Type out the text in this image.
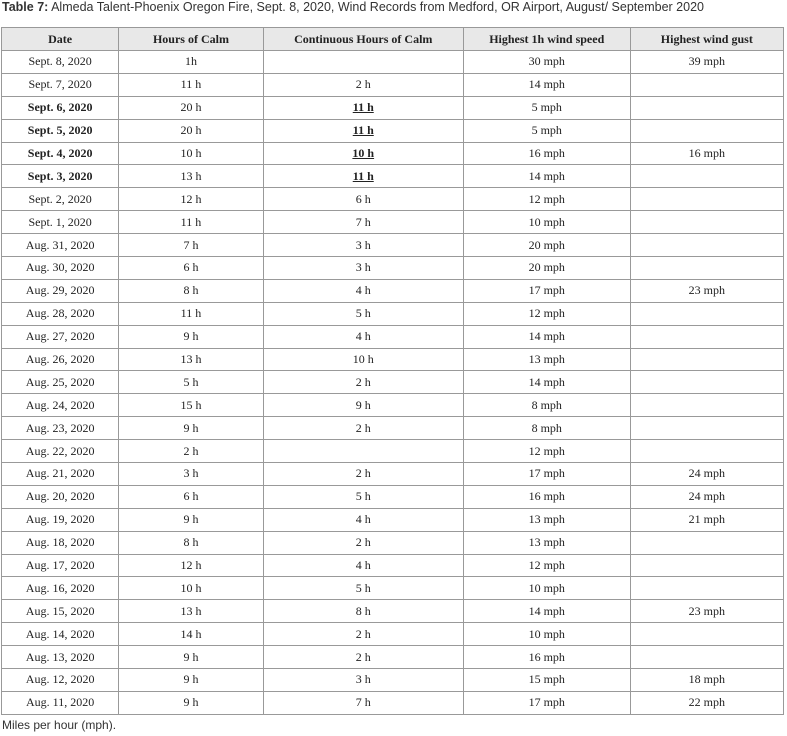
Table 7: Almeda Talent-Phoenix Oregon Fire, Sept. 8, 2020, Wind Records from Medford, OR Airport, August/ September 2020
Date	Hours of Calm	Continuous Hours of Calm	Highest 1h wind speed	Highest wind gust
Sept. 8, 2020	1h		30 mph	39 mph
Sept. 7, 2020	11 h	2 h	14 mph	
Sept. 6, 2020	20 h	11 h	5 mph	
Sept. 5, 2020	20 h	11 h	5 mph	
Sept. 4, 2020	10 h	10 h	16 mph	16 mph
Sept. 3, 2020	13 h	11 h	14 mph	
Sept. 2, 2020	12 h	6 h	12 mph	
Sept. 1, 2020	11 h	7 h	10 mph	
Aug. 31, 2020	7 h	3 h	20 mph	
Aug. 30, 2020	6 h	3 h	20 mph	
Aug. 29, 2020	8 h	4 h	17 mph	23 mph
Aug. 28, 2020	11 h	5 h	12 mph	
Aug. 27, 2020	9 h	4 h	14 mph	
Aug. 26, 2020	13 h	10 h	13 mph	
Aug. 25, 2020	5 h	2 h	14 mph	
Aug. 24, 2020	15 h	9 h	8 mph	
Aug. 23, 2020	9 h	2 h	8 mph	
Aug. 22, 2020	2 h		12 mph	
Aug. 21, 2020	3 h	2 h	17 mph	24 mph
Aug. 20, 2020	6 h	5 h	16 mph	24 mph
Aug. 19, 2020	9 h	4 h	13 mph	21 mph
Aug. 18, 2020	8 h	2 h	13 mph	
Aug. 17, 2020	12 h	4 h	12 mph	
Aug. 16, 2020	10 h	5 h	10 mph	
Aug. 15, 2020	13 h	8 h	14 mph	23 mph
Aug. 14, 2020	14 h	2 h	10 mph	
Aug. 13, 2020	9 h	2 h	16 mph	
Aug. 12, 2020	9 h	3 h	15 mph	18 mph
Aug. 11, 2020	9 h	7 h	17 mph	22 mph
Miles per hour (mph).
